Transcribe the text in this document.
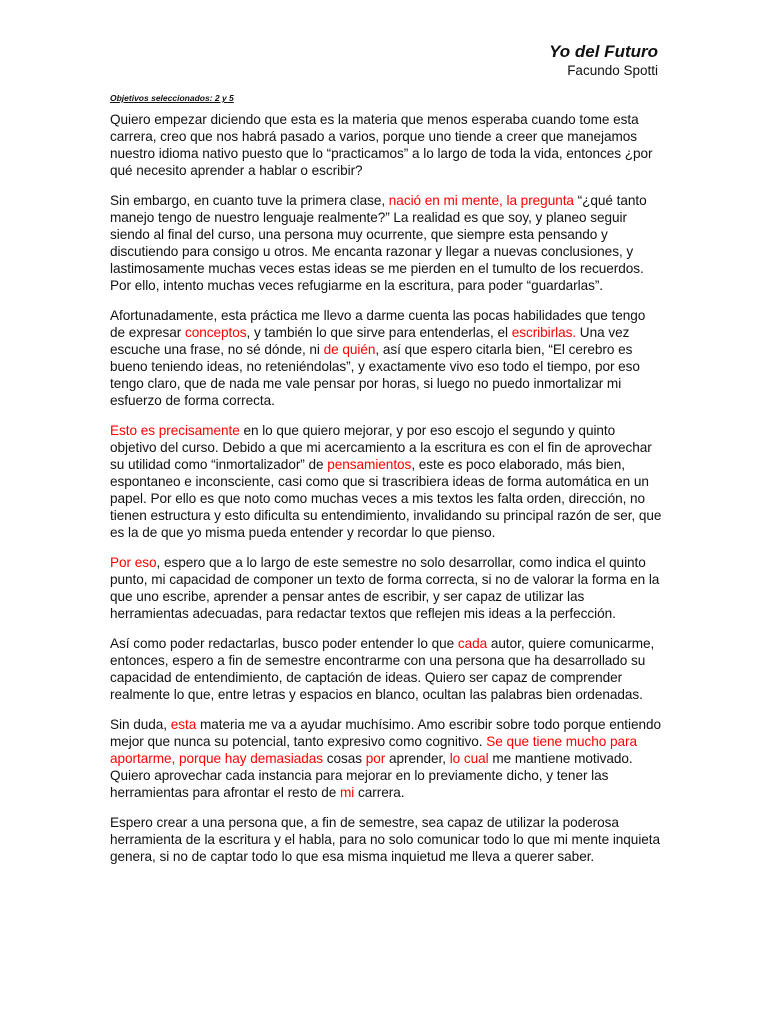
Yo del Futuro
Facundo Spotti
Objetivos seleccionados: 2 y 5

Quiero empezar diciendo que esta es la materia que menos esperaba cuando tome esta carrera, creo que nos habrá pasado a varios, porque uno tiende a creer que manejamos nuestro idioma nativo puesto que lo “practicamos” a lo largo de toda la vida, entonces ¿por qué necesito aprender a hablar o escribir?

Sin embargo, en cuanto tuve la primera clase, nació en mi mente, la pregunta “¿qué tanto manejo tengo de nuestro lenguaje realmente?” La realidad es que soy, y planeo seguir siendo al final del curso, una persona muy ocurrente, que siempre esta pensando y discutiendo para consigo u otros. Me encanta razonar y llegar a nuevas conclusiones, y lastimosamente muchas veces estas ideas se me pierden en el tumulto de los recuerdos. Por ello, intento muchas veces refugiarme en la escritura, para poder “guardarlas”.

Afortunadamente, esta práctica me llevo a darme cuenta las pocas habilidades que tengo de expresar conceptos, y también lo que sirve para entenderlas, el escribirlas. Una vez escuche una frase, no sé dónde, ni de quién, así que espero citarla bien, “El cerebro es bueno teniendo ideas, no reteniéndolas”, y exactamente vivo eso todo el tiempo, por eso tengo claro, que de nada me vale pensar por horas, si luego no puedo inmortalizar mi esfuerzo de forma correcta.

Esto es precisamente en lo que quiero mejorar, y por eso escojo el segundo y quinto objetivo del curso. Debido a que mi acercamiento a la escritura es con el fin de aprovechar su utilidad como “inmortalizador” de pensamientos, este es poco elaborado, más bien, espontaneo e inconsciente, casi como que si trascribiera ideas de forma automática en un papel. Por ello es que noto como muchas veces a mis textos les falta orden, dirección, no tienen estructura y esto dificulta su entendimiento, invalidando su principal razón de ser, que es la de que yo misma pueda entender y recordar lo que pienso.

Por eso, espero que a lo largo de este semestre no solo desarrollar, como indica el quinto punto, mi capacidad de componer un texto de forma correcta, si no de valorar la forma en la que uno escribe, aprender a pensar antes de escribir, y ser capaz de utilizar las herramientas adecuadas, para redactar textos que reflejen mis ideas a la perfección.

Así como poder redactarlas, busco poder entender lo que cada autor, quiere comunicarme, entonces, espero a fin de semestre encontrarme con una persona que ha desarrollado su capacidad de entendimiento, de captación de ideas. Quiero ser capaz de comprender realmente lo que, entre letras y espacios en blanco, ocultan las palabras bien ordenadas.

Sin duda, esta materia me va a ayudar muchísimo. Amo escribir sobre todo porque entiendo mejor que nunca su potencial, tanto expresivo como cognitivo. Se que tiene mucho para aportarme, porque hay demasiadas cosas por aprender, lo cual me mantiene motivado. Quiero aprovechar cada instancia para mejorar en lo previamente dicho, y tener las herramientas para afrontar el resto de mi carrera.

Espero crear a una persona que, a fin de semestre, sea capaz de utilizar la poderosa herramienta de la escritura y el habla, para no solo comunicar todo lo que mi mente inquieta genera, si no de captar todo lo que esa misma inquietud me lleva a querer saber.
